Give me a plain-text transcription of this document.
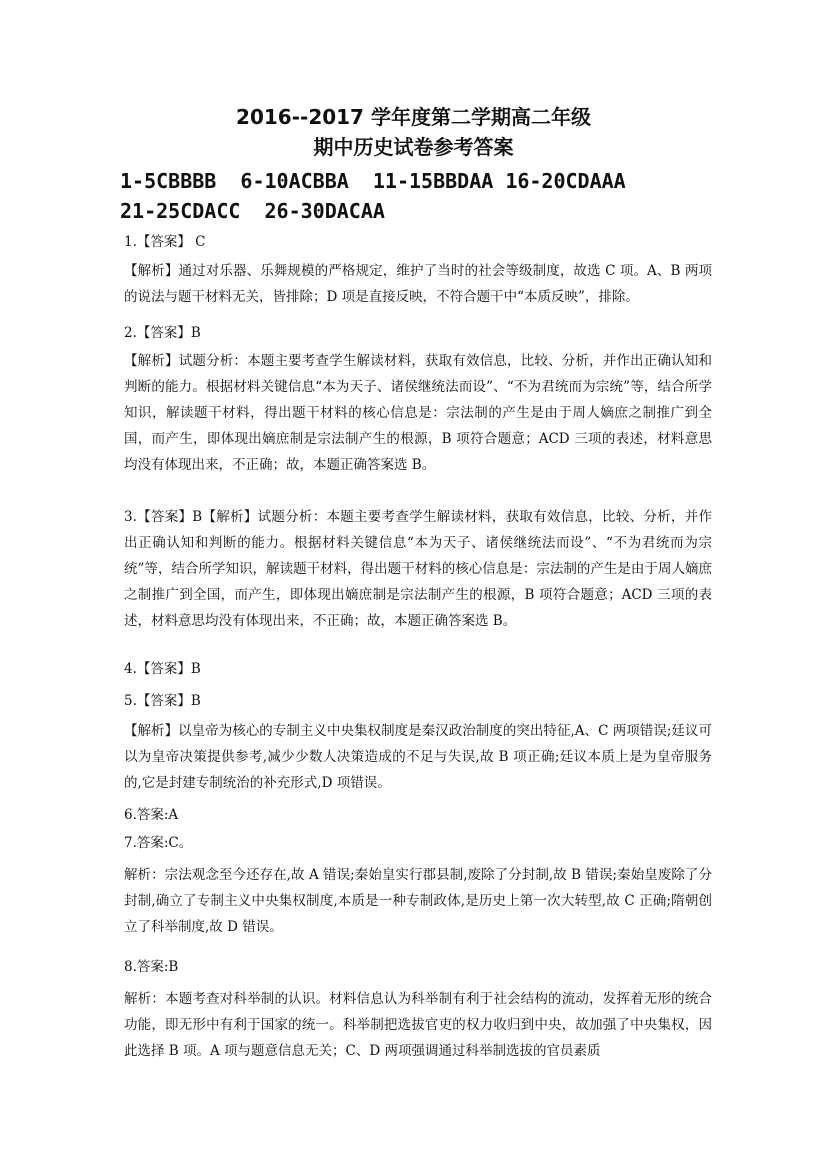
2016--2017 学年度第二学期高二年级
期中历史试卷参考答案
1-5CBBBB  6-10ACBBA  11-15BBDAA 16-20CDAAA
21-25CDACC  26-30DACAA
1.【答案】 C
【解析】通过对乐器、乐舞规模的严格规定，维护了当时的社会等级制度，故选 C 项。A、B 两项的说法与题干材料无关，皆排除；D 项是直接反映，不符合题干中“本质反映”，排除。
2.【答案】B
【解析】试题分析：本题主要考查学生解读材料，获取有效信息，比较、分析，并作出正确认知和判断的能力。根据材料关键信息“本为天子、诸侯继统法而设”、“不为君统而为宗统”等，结合所学知识，解读题干材料，得出题干材料的核心信息是：宗法制的产生是由于周人嫡庶之制推广到全国，而产生，即体现出嫡庶制是宗法制产生的根源，B 项符合题意；ACD 三项的表述，材料意思均没有体现出来，不正确；故，本题正确答案选 B。
3.【答案】B【解析】试题分析：本题主要考查学生解读材料，获取有效信息，比较、分析，并作出正确认知和判断的能力。根据材料关键信息“本为天子、诸侯继统法而设”、“不为君统而为宗统”等，结合所学知识，解读题干材料，得出题干材料的核心信息是：宗法制的产生是由于周人嫡庶之制推广到全国，而产生，即体现出嫡庶制是宗法制产生的根源，B 项符合题意；ACD 三项的表述，材料意思均没有体现出来，不正确；故，本题正确答案选 B。
4.【答案】B
5.【答案】B
【解析】以皇帝为核心的专制主义中央集权制度是秦汉政治制度的突出特征,A、C 两项错误;廷议可以为皇帝决策提供参考,减少少数人决策造成的不足与失误,故 B 项正确;廷议本质上是为皇帝服务的,它是封建专制统治的补充形式,D 项错误。
6.答案:A
7.答案:C。
解析：宗法观念至今还存在,故 A 错误;秦始皇实行郡县制,废除了分封制,故 B 错误;秦始皇废除了分封制,确立了专制主义中央集权制度,本质是一种专制政体,是历史上第一次大转型,故 C 正确;隋朝创立了科举制度,故 D 错误。
8.答案:B
解析：本题考查对科举制的认识。材料信息认为科举制有利于社会结构的流动，发挥着无形的统合功能，即无形中有利于国家的统一。科举制把选拔官吏的权力收归到中央，故加强了中央集权，因此选择 B 项。A 项与题意信息无关；C、D 两项强调通过科举制选拔的官员素质
